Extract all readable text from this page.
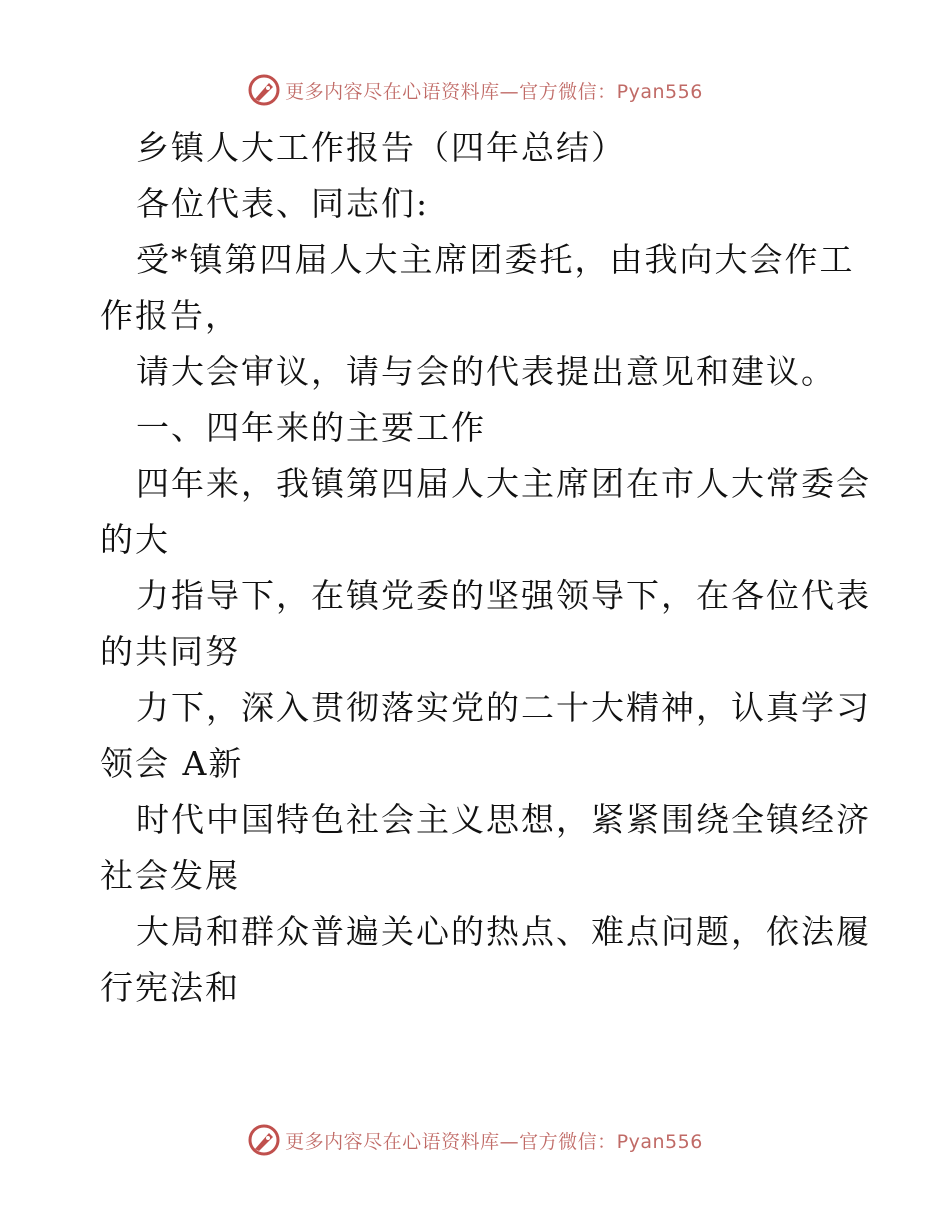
更多内容尽在心语资料库—官方微信：Pyan556

乡镇人大工作报告（四年总结）

各位代表、同志们:

受*镇第四届人大主席团委托，由我向大会作工

作报告，

请大会审议，请与会的代表提出意见和建议。

一、四年来的主要工作

四年来，我镇第四届人大主席团在市人大常委会

的大

力指导下，在镇党委的坚强领导下，在各位代表

的共同努

力下，深入贯彻落实党的二十大精神，认真学习

领会 A新

时代中国特色社会主义思想，紧紧围绕全镇经济

社会发展

大局和群众普遍关心的热点、难点问题，依法履

行宪法和

更多内容尽在心语资料库—官方微信：Pyan556
